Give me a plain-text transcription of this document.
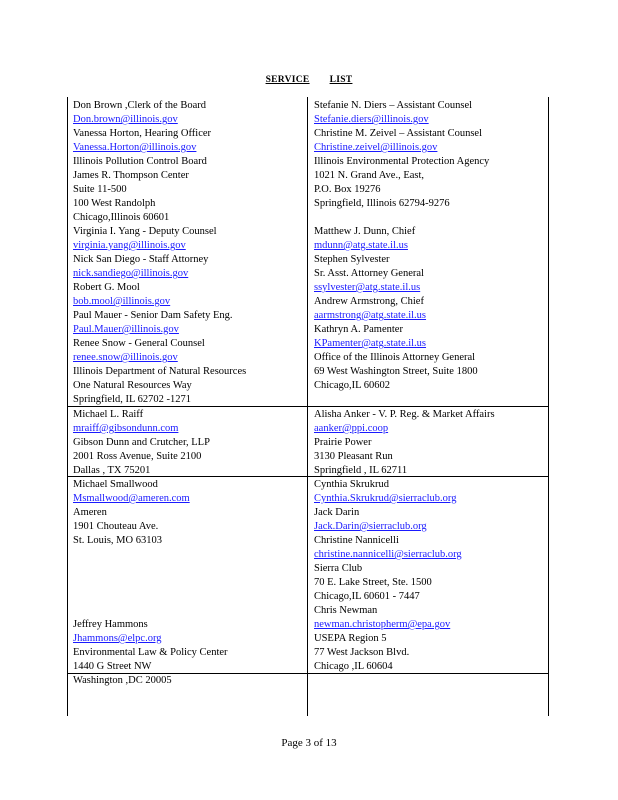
SERVICE LIST
Don Brown ,Clerk of the Board
Don.brown@illinois.gov
Vanessa Horton, Hearing Officer
Vanessa.Horton@illinois.gov
Illinois Pollution Control Board
James R. Thompson Center
Suite 11-500
100 West Randolph
Chicago,Illinois 60601
Virginia I. Yang - Deputy Counsel
virginia.yang@illinois.gov
Nick San Diego - Staff Attorney
nick.sandiego@illinois.gov
Robert G. Mool
bob.mool@illinois.gov
Paul Mauer - Senior Dam Safety Eng.
Paul.Mauer@illinois.gov
Renee Snow - General Counsel
renee.snow@illinois.gov
Illinois Department of Natural Resources
One Natural Resources Way
Springfield, IL 62702 -1271
Stefanie N. Diers – Assistant Counsel
Stefanie.diers@illinois.gov
Christine M. Zeivel – Assistant Counsel
Christine.zeivel@illinois.gov
Illinois Environmental Protection Agency
1021 N. Grand Ave., East,
P.O. Box 19276
Springfield, Illinois 62794-9276
Matthew J. Dunn, Chief
mdunn@atg.state.il.us
Stephen Sylvester
Sr. Asst. Attorney General
ssylvester@atg.state.il.us
Andrew Armstrong, Chief
aarmstrong@atg.state.il.us
Kathryn A. Pamenter
KPamenter@atg.state.il.us
Office of the Illinois Attorney General
69 West Washington Street, Suite 1800
Chicago,IL 60602
Michael L. Raiff
mraiff@gibsondunn.com
Gibson Dunn and Crutcher, LLP
2001 Ross Avenue, Suite 2100
Dallas , TX 75201
Alisha Anker - V. P. Reg. & Market Affairs
aanker@ppi.coop
Prairie Power
3130 Pleasant Run
Springfield , IL 62711
Michael Smallwood
Msmallwood@ameren.com
Ameren
1901 Chouteau Ave.
St. Louis, MO 63103
Jeffrey Hammons
Jhammons@elpc.org
Environmental Law & Policy Center
1440 G Street NW
Washington ,DC 20005
Cynthia Skrukrud
Cynthia.Skrukrud@sierraclub.org
Jack Darin
Jack.Darin@sierraclub.org
Christine Nannicelli
christine.nannicelli@sierraclub.org
Sierra Club
70 E. Lake Street, Ste. 1500
Chicago,IL 60601 - 7447
Chris Newman
newman.christopherm@epa.gov
USEPA Region 5
77 West Jackson Blvd.
Chicago ,IL 60604
Page 3 of 13
